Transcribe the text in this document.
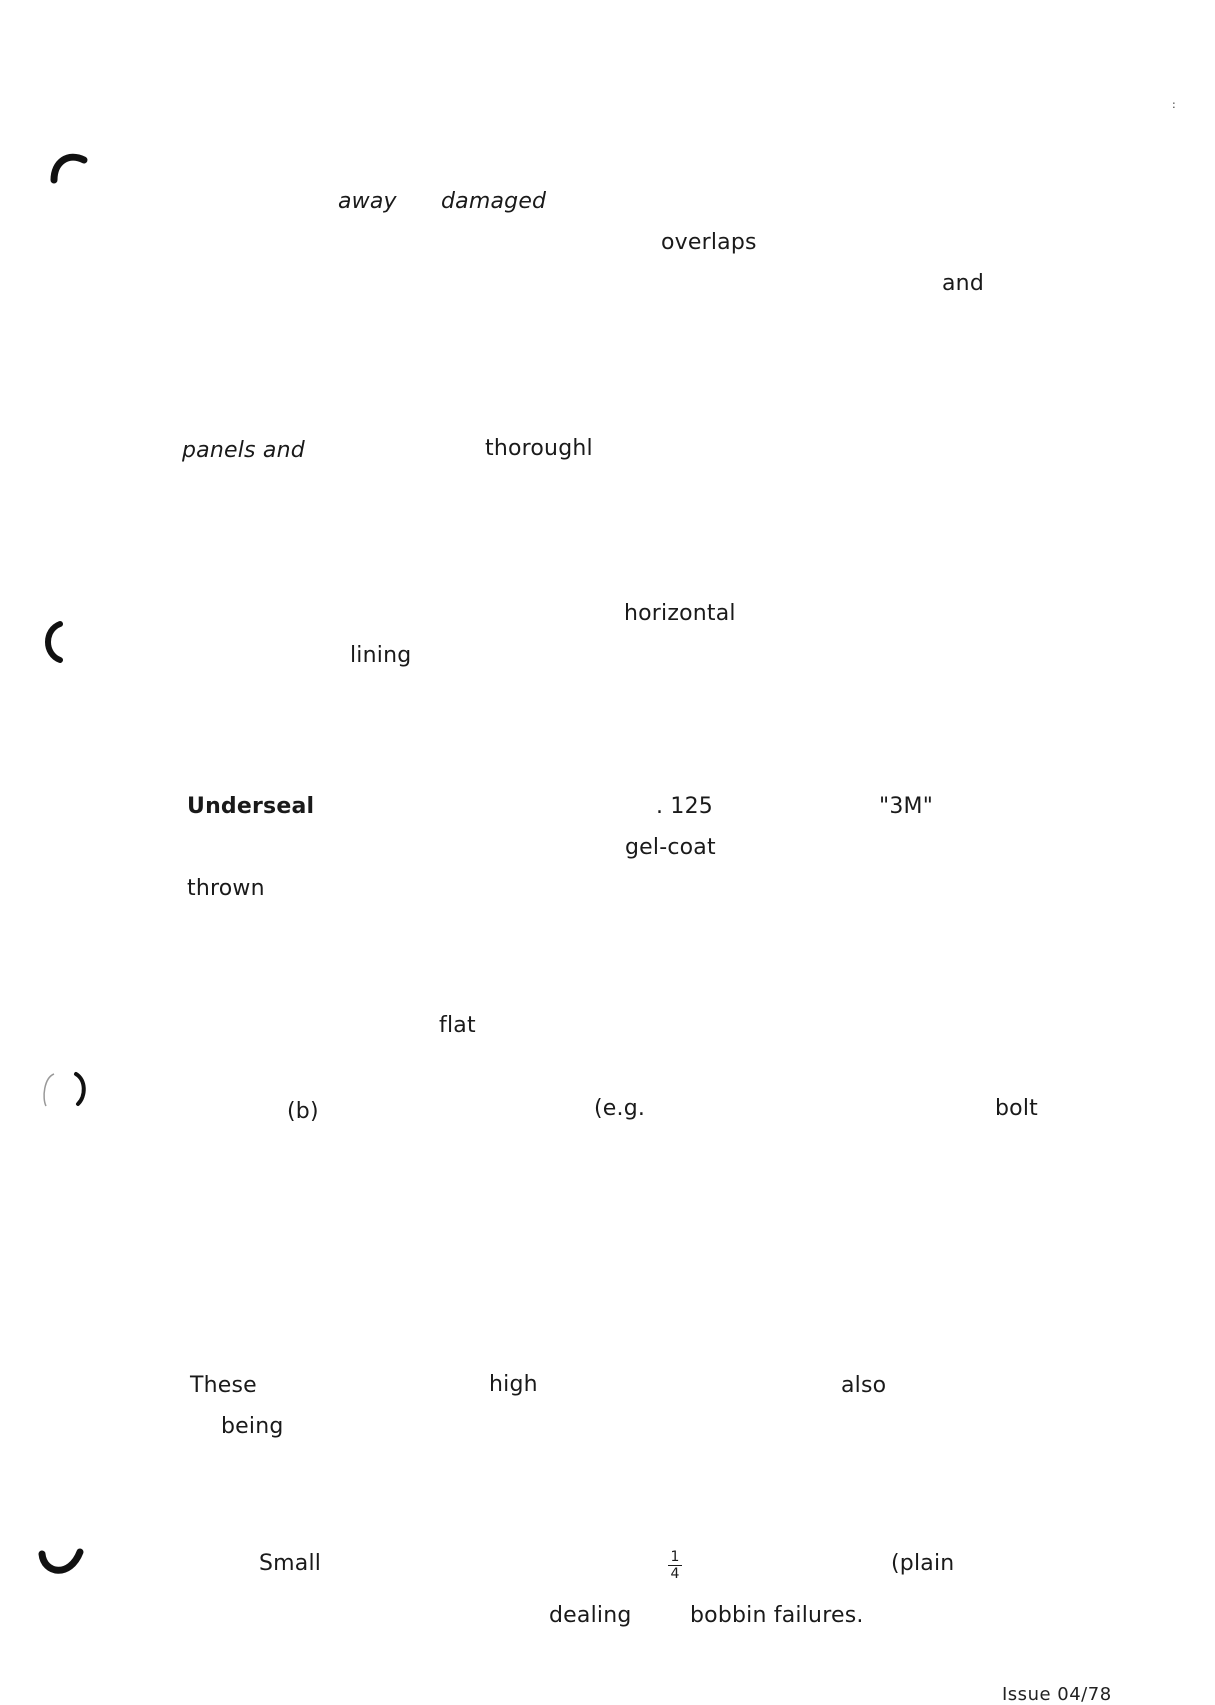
:
away damaged
overlaps
and
panels and	thoroughl
horizontal
lining
Underseal	. 125	"3M"
gel-coat
thrown
flat
(b)	(e.g.	bolt
These	high	also
being
Small	$\frac{1}{4}$	(plain
dealing	bobbin failures.
Issue 04/78
